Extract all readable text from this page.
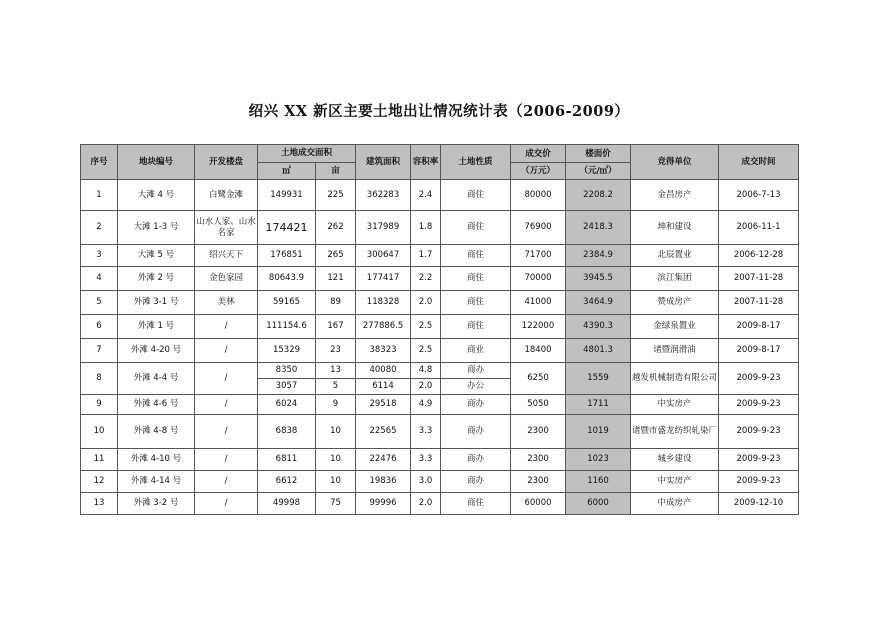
绍兴 XX 新区主要土地出让情况统计表（2006-2009）
序号	地块编号	开发楼盘	土地成交面积		建筑面积	容积率	土地性质	成交价	楼面价	竞得单位	成交时间
			㎡	亩				（万元）	（元/㎡）		
1	大滩 4 号	白鹭金滩	149931	225	362283	2.4	商住	80000	2208.2	金昌房产	2006-7-13
2	大滩 1-3 号	山水人家、山水名家	174421	262	317989	1.8	商住	76900	2418.3	坤和建设	2006-11-1
3	大滩 5 号	绍兴天下	176851	265	300647	1.7	商住	71700	2384.9	北辰置业	2006-12-28
4	外滩 2 号	金色家园	80643.9	121	177417	2.2	商住	70000	3945.5	滨江集团	2007-11-28
5	外滩 3-1 号	美林	59165	89	118328	2.0	商住	41000	3464.9	赞成房产	2007-11-28
6	外滩 1 号	/	111154.6	167	277886.5	2.5	商住	122000	4390.3	金绿泉置业	2009-8-17
7	外滩 4-20 号	/	15329	23	38323	2.5	商业	18400	4801.3	诸暨润滑油	2009-8-17
8	外滩 4-4 号	/	8350	13	40080	4.8	商办	6250	1559	越发机械制造有限公司	2009-9-23
			3057	5	6114	2.0	办公				
9	外滩 4-6 号	/	6024	9	29518	4.9	商办	5050	1711	中实房产	2009-9-23
10	外滩 4-8 号	/	6838	10	22565	3.3	商办	2300	1019	诸暨市盛龙纺织轧染厂	2009-9-23
11	外滩 4-10 号	/	6811	10	22476	3.3	商办	2300	1023	城乡建设	2009-9-23
12	外滩 4-14 号	/	6612	10	19836	3.0	商办	2300	1160	中实房产	2009-9-23
13	外滩 3-2 号	/	49998	75	99996	2.0	商住	60000	6000	中成房产	2009-12-10
